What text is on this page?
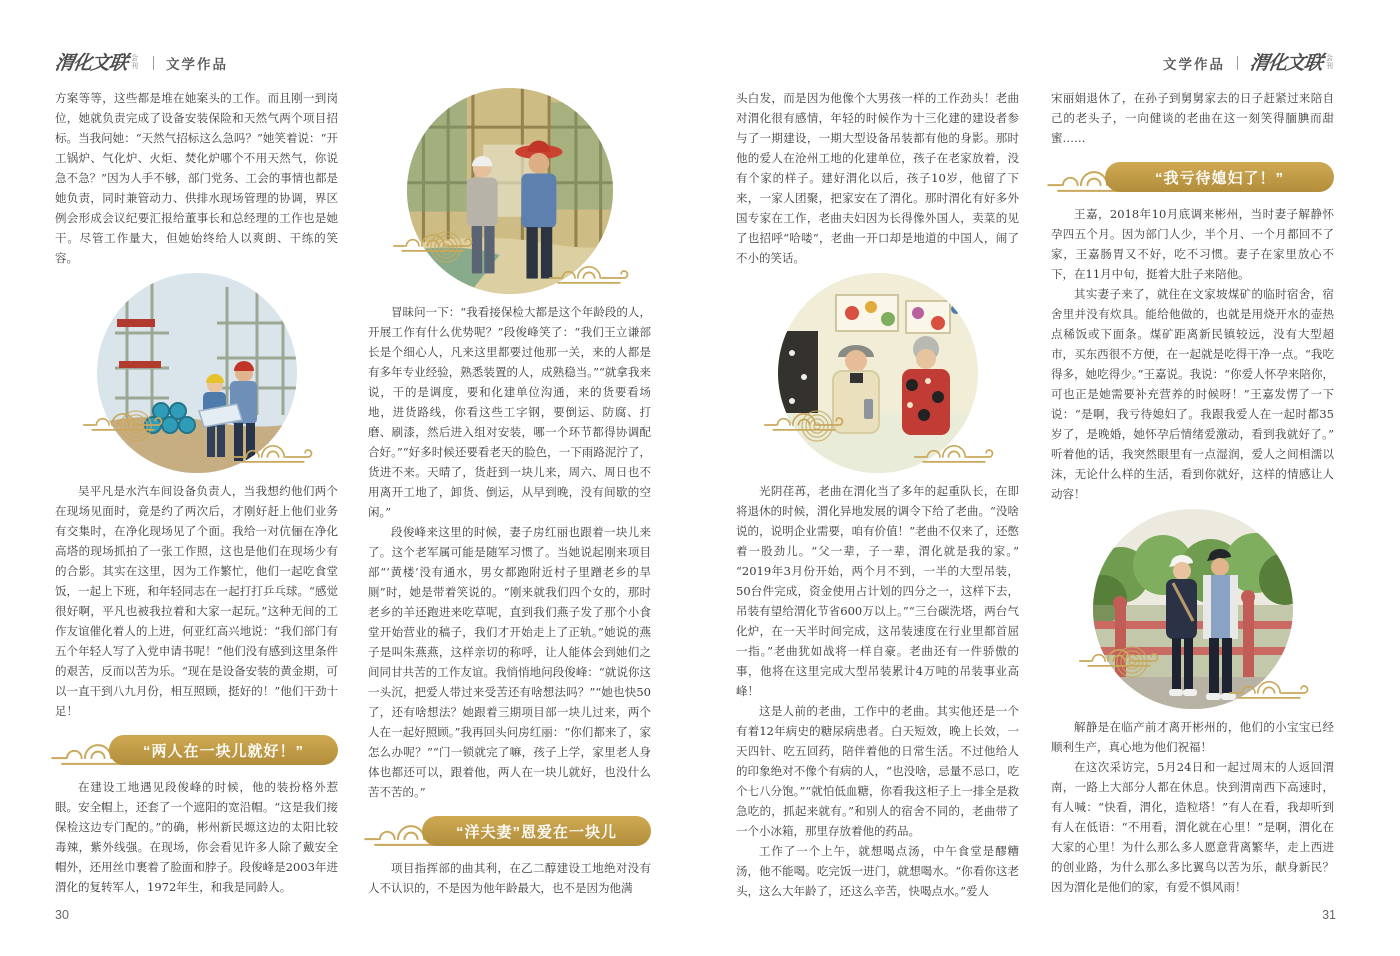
渭化文联 会刊 文学作品

方案等等，这些都是堆在她案头的工作。而且刚一到岗位，她就负责完成了设备安装保险和天然气两个项目招标。当我问她：“天然气招标这么急吗？”她笑着说：“开工锅炉、气化炉、火炬、焚化炉哪个不用天然气，你说急不急？”因为人手不够，部门党务、工会的事情也都是她负责，同时兼管动力、供排水现场管理的协调，界区例会形成会议纪要汇报给董事长和总经理的工作也是她干。尽管工作量大，但她始终给人以爽朗、干练的笑容。

吴平凡是水汽车间设备负责人，当我想约他们两个在现场见面时，竟是约了两次后，才刚好赶上他们业务有交集时，在净化现场见了个面。我给一对伉俪在净化高塔的现场抓拍了一张工作照，这也是他们在现场少有的合影。其实在这里，因为工作繁忙，他们一起吃食堂饭，一起上下班，和年轻同志在一起打打乒乓球。“感觉很好啊，平凡也被我拉着和大家一起玩。”这种无间的工作友谊催化着人的上进，何亚红高兴地说：“我们部门有五个年轻人写了入党申请书呢！”他们没有感到这里条件的艰苦，反而以苦为乐。“现在是设备安装的黄金期，可以一直干到八九月份，相互照顾，挺好的！”他们干劲十足！

“两人在一块儿就好！”

在建设工地遇见段俊峰的时候，他的装扮格外惹眼。安全帽上，还套了一个遮阳的宽沿帽。“这是我们接保检这边专门配的。”的确，彬州新民塬这边的太阳比较毒辣，紫外线强。在现场，你会看见许多人除了戴安全帽外，还用丝巾裹着了脸面和脖子。段俊峰是2003年进渭化的复转军人，1972年生，和我是同龄人。

冒昧问一下：“我看接保检大都是这个年龄段的人，开展工作有什么优势呢？”段俊峰笑了：“我们王立谦部长是个细心人，凡来这里都要过他那一关，来的人都是有多年专业经验，熟悉装置的人，成熟稳当。”“就拿我来说，干的是调度，要和化建单位沟通，来的货要看场地，进货路线，你看这些工字钢，要倒运、防腐、打磨、刷漆，然后进入组对安装，哪一个环节都得协调配合好。”“好多时候还要看老天的脸色，一下雨路泥泞了，货进不来。天晴了，货赶到一块儿来，周六、周日也不用离开工地了，卸货、倒运，从早到晚，没有间歇的空闲。”

段俊峰来这里的时候，妻子房红丽也跟着一块儿来了。这个老军属可能是随军习惯了。当她说起刚来项目部“‘黄楼’没有通水，男女都跑附近村子里蹭老乡的旱厕”时，她是带着笑说的。“刚来就我们四个女的，那时老乡的羊还跑进来吃草呢，直到我们燕子发了那个小食堂开始营业的稿子，我们才开始走上了正轨。”她说的燕子是叫朱燕燕，这样亲切的称呼，让人能体会到她们之间同甘共苦的工作友谊。我悄悄地问段俊峰：“就说你这一头沉，把爱人带过来受苦还有啥想法吗？”“她也快50了，还有啥想法？她跟着三期项目部一块儿过来，两个人在一起好照顾。”我再回头问房红丽：“你们都来了，家怎么办呢？”“门一锁就完了嘛，孩子上学，家里老人身体也都还可以，跟着他，两人在一块儿就好，也没什么苦不苦的。”

“洋夫妻”恩爱在一块儿

项目指挥部的曲其利，在乙二醇建设工地绝对没有人不认识的，不是因为他年龄最大，也不是因为他满

30
文学作品 渭化文联 会刊

头白发，而是因为他像个大男孩一样的工作劲头！老曲对渭化很有感情，年轻的时候作为十三化建的建设者参与了一期建设，一期大型设备吊装都有他的身影。那时他的爱人在沧州工地的化建单位，孩子在老家放着，没有个家的样子。建好渭化以后，孩子10岁，他留了下来，一家人团聚，把家安在了渭化。那时渭化有好多外国专家在工作，老曲夫妇因为长得像外国人，卖菜的见了也招呼“哈喽”，老曲一开口却是地道的中国人，闹了不小的笑话。

光阴荏苒，老曲在渭化当了多年的起重队长，在即将退休的时候，渭化异地发展的调令下给了老曲。“没啥说的，说明企业需要，咱有价值！”老曲不仅来了，还憋着一股劲儿。“父一辈，子一辈，渭化就是我的家。”“2019年3月份开始，两个月不到，一半的大型吊装，50台件完成，资金使用占计划的四分之一，这样下去，吊装有望给渭化节省600万以上。”“三台碳洗塔，两台气化炉，在一天半时间完成，这吊装速度在行业里都首屈一指。”老曲犹如战将一样自豪。老曲还有一件骄傲的事，他将在这里完成大型吊装累计4万吨的吊装事业高峰！

这是人前的老曲，工作中的老曲。其实他还是一个有着12年病史的糖尿病患者。白天短效，晚上长效，一天四针、吃五回药，陪伴着他的日常生活。不过他给人的印象绝对不像个有病的人，“也没啥，忌量不忌口，吃个七八分饱。”“就怕低血糖，你看我这柜子上一排全是救急吃的，抓起来就有。”和别人的宿舍不同的，老曲带了一个小冰箱，那里存放着他的药品。

工作了一个上午，就想喝点汤，中午食堂是醪糟汤，他不能喝。吃完饭一进门，就想喝水。“你看你这老头，这么大年龄了，还这么辛苦，快喝点水。”爱人

宋丽娟退休了，在孙子到舅舅家去的日子赶紧过来陪自己的老头子，一向健谈的老曲在这一刻笑得腼腆而甜蜜……

“我亏待媳妇了！”

王嘉，2018年10月底调来彬州，当时妻子解静怀孕四五个月。因为部门人少，半个月、一个月都回不了家，王嘉肠胃又不好，吃不习惯。妻子在家里放心不下，在11月中旬，挺着大肚子来陪他。

其实妻子来了，就住在文家坡煤矿的临时宿舍，宿舍里并没有炊具。能给他做的，也就是用烧开水的壶热点稀饭或下面条。煤矿距离新民镇较远，没有大型超市，买东西很不方便，在一起就是吃得干净一点。“我吃得多，她吃得少。”王嘉说。我说：“你爱人怀孕来陪你，可也正是她需要补充营养的时候呀！”王嘉发愣了一下说：“是啊，我亏待媳妇了。我跟我爱人在一起时都35岁了，是晚婚，她怀孕后情绪爱激动，看到我就好了。”听着他的话，我突然眼里有一点湿润，爱人之间相濡以沫，无论什么样的生活，看到你就好，这样的情感让人动容！

解静是在临产前才离开彬州的，他们的小宝宝已经顺利生产，真心地为他们祝福！

在这次采访完，5月24日和一起过周末的人返回渭南，一路上大部分人都在休息。快到渭南西下高速时，有人喊：“快看，渭化，造粒塔！”有人在看，我却听到有人在低语：“不用看，渭化就在心里！”是啊，渭化在大家的心里！为什么那么多人愿意背离繁华，走上西进的创业路，为什么那么多比翼鸟以苦为乐，献身新民？因为渭化是他们的家，有爱不惧风雨！

31
